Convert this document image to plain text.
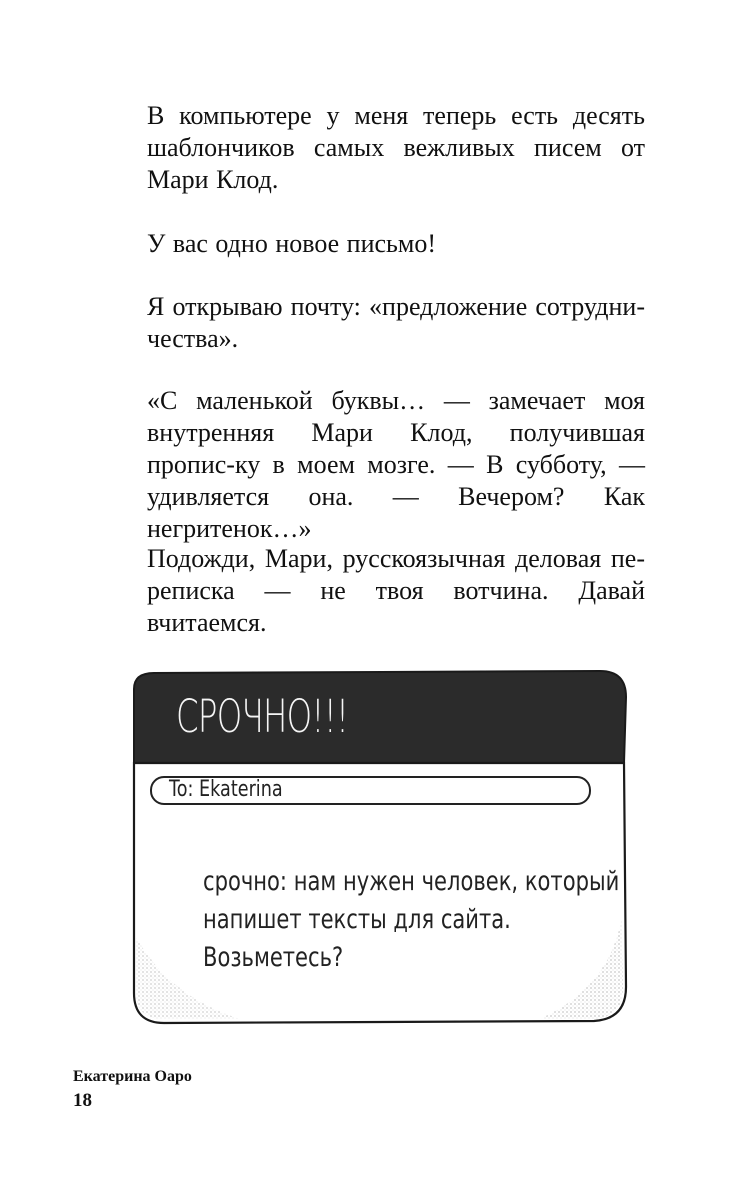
В компьютере у меня теперь есть десять шаблончиков самых вежливых писем от Мари Клод.

У вас одно новое письмо!

Я открываю почту: «предложение сотрудни-чества».

«С маленькой буквы… — замечает моя внутренняя Мари Клод, получившая пропис-ку в моем мозге. — В субботу, — удивляется она. — Вечером? Как негритенок…»

Подожди, Мари, русскоязычная деловая пе-реписка — не твоя вотчина. Давай вчитаемся.

СРОЧНО!!!
To: Ekaterina
срочно: нам нужен человек, который
напишет тексты для сайта.
Возьметесь?

Екатерина Оаро

18
